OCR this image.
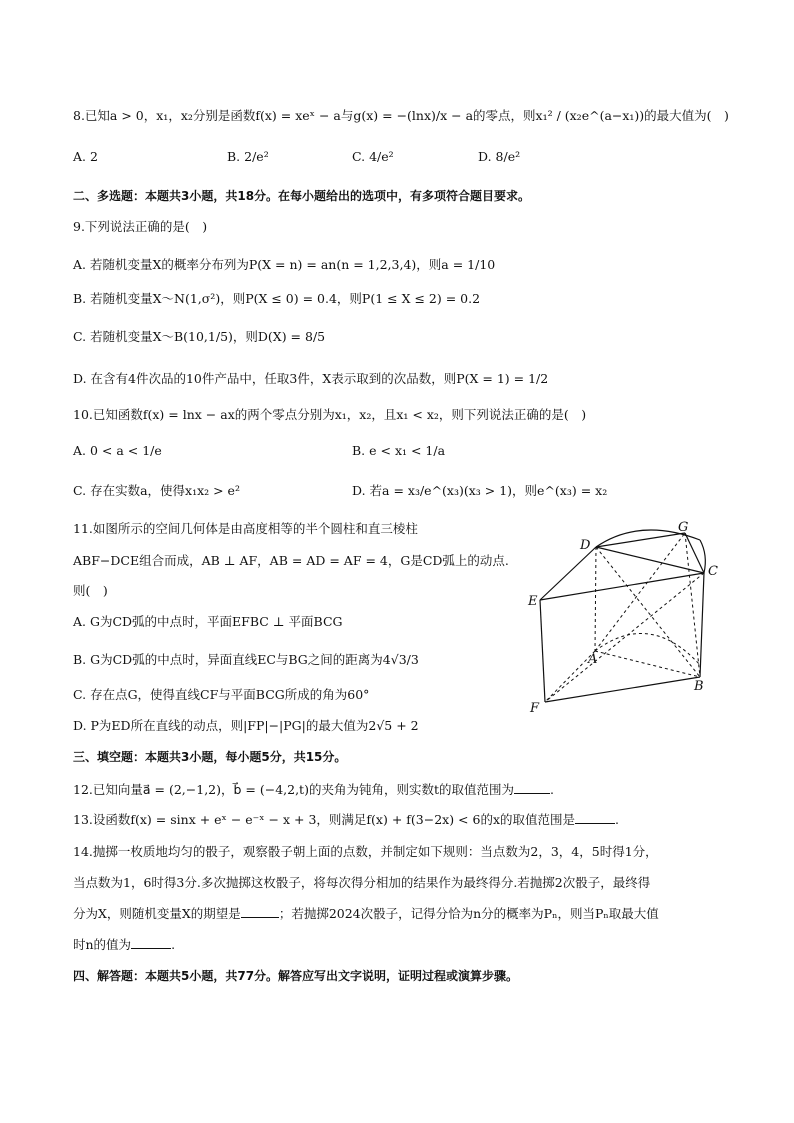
8.已知a > 0，x₁，x₂分别是函数f(x) = xeˣ − a与g(x) = −(lnx)/x − a的零点，则x₁² / (x₂e^(a−x₁))的最大值为(　)
A. 2	B. 2/e²	C. 4/e²	D. 8/e²
二、多选题：本题共3小题，共18分。在每小题给出的选项中，有多项符合题目要求。
9.下列说法正确的是(　)
A. 若随机变量X的概率分布列为P(X = n) = an(n = 1,2,3,4)，则a = 1/10
B. 若随机变量X～N(1,σ²)，则P(X ≤ 0) = 0.4，则P(1 ≤ X ≤ 2) = 0.2
C. 若随机变量X～B(10,1/5)，则D(X) = 8/5
D. 在含有4件次品的10件产品中，任取3件，X表示取到的次品数，则P(X = 1) = 1/2
10.已知函数f(x) = lnx − ax的两个零点分别为x₁，x₂，且x₁ < x₂，则下列说法正确的是(　)
A. 0 < a < 1/e	B. e < x₁ < 1/a
C. 存在实数a，使得x₁x₂ > e²	D. 若a = x₃/e^(x₃)(x₃ > 1)，则e^(x₃) = x₂
11.如图所示的空间几何体是由高度相等的半个圆柱和直三棱柱
ABF−DCE组合而成，AB ⊥ AF，AB = AD = AF = 4，G是CD弧上的动点.
则(　)
A. G为CD弧的中点时，平面EFBC ⊥ 平面BCG
B. G为CD弧的中点时，异面直线EC与BG之间的距离为4√3/3
C. 存在点G，使得直线CF与平面BCG所成的角为60°
D. P为ED所在直线的动点，则|FP|−|PG|的最大值为2√5 + 2
D
G
C
E
A
B
F
三、填空题：本题共3小题，每小题5分，共15分。
12.已知向量a⃗ = (2,−1,2)，b⃗ = (−4,2,t)的夹角为钝角，则实数t的取值范围为	.
13.设函数f(x) = sinx + eˣ − e⁻ˣ − x + 3，则满足f(x) + f(3−2x) < 6的x的取值范围是	.
14.抛掷一枚质地均匀的骰子，观察骰子朝上面的点数，并制定如下规则：当点数为2，3，4，5时得1分，
当点数为1，6时得3分.多次抛掷这枚骰子，将每次得分相加的结果作为最终得分.若抛掷2次骰子，最终得
分为X，则随机变量X的期望是	；若抛掷2024次骰子，记得分恰为n分的概率为Pₙ，则当Pₙ取最大值
时n的值为	.
四、解答题：本题共5小题，共77分。解答应写出文字说明，证明过程或演算步骤。
